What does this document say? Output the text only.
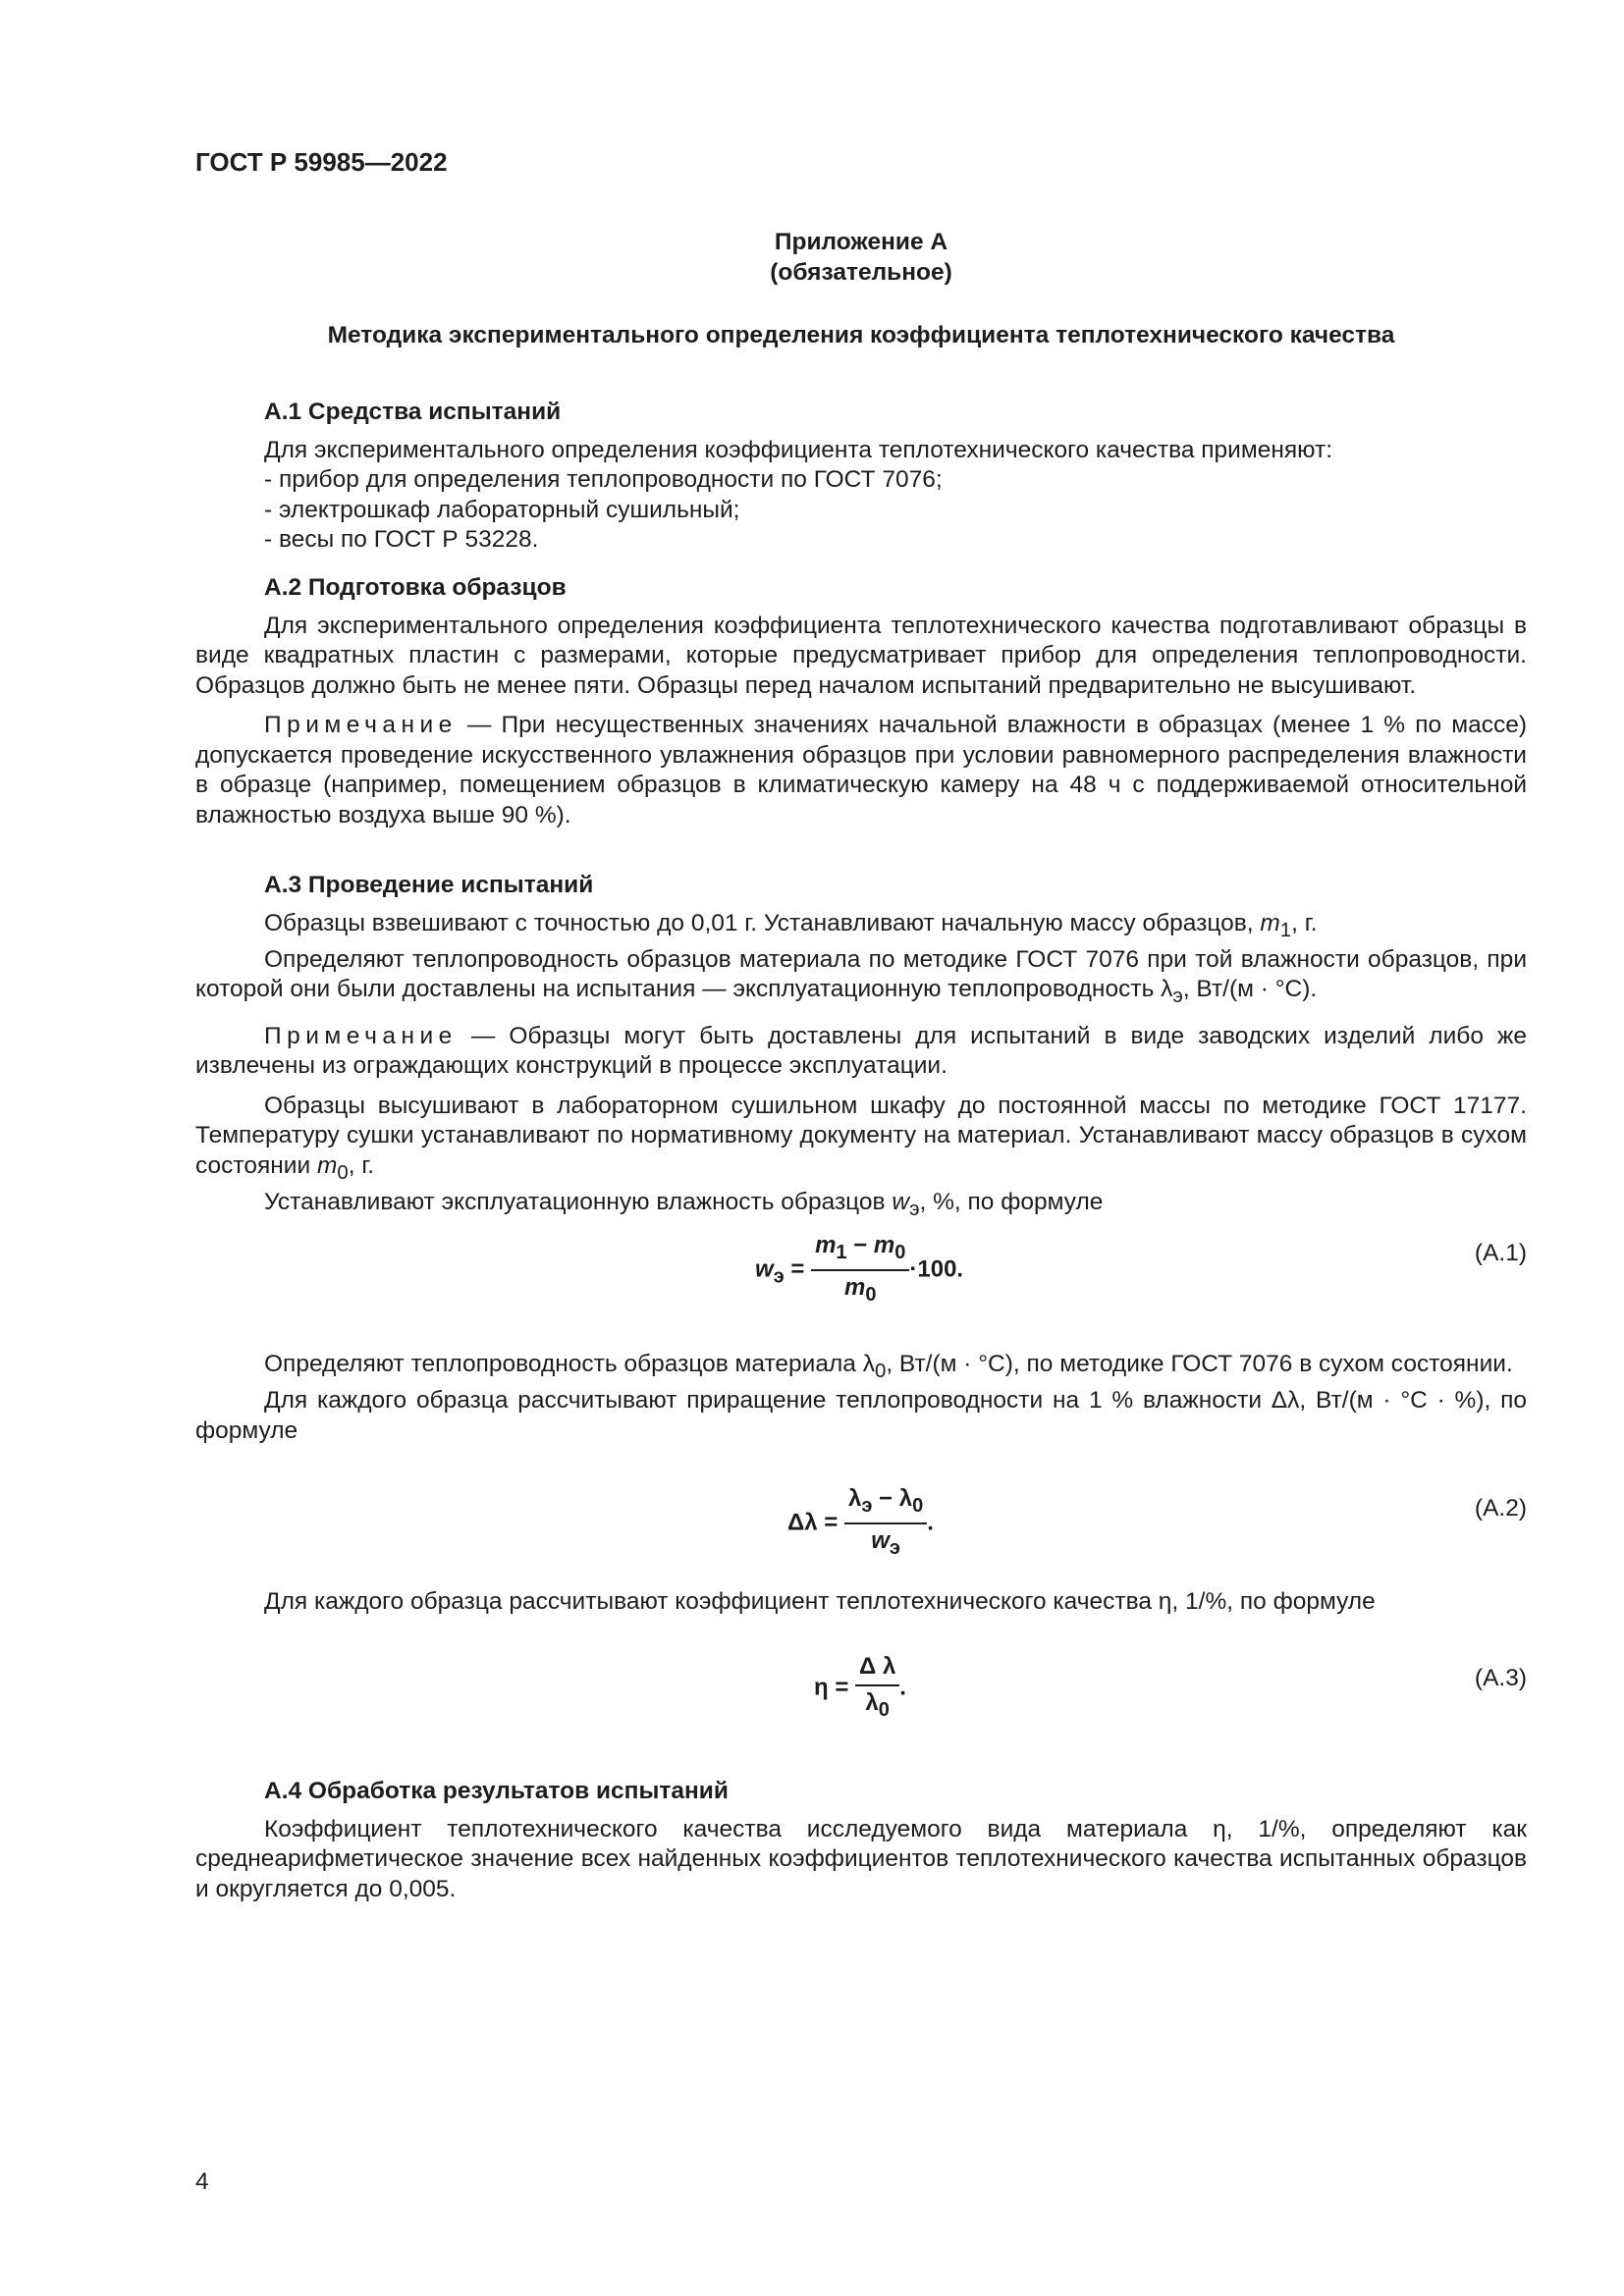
ГОСТ Р 59985—2022
Приложение А
(обязательное)
Методика экспериментального определения коэффициента теплотехнического качества

А.1 Средства испытаний

Для экспериментального определения коэффициента теплотехнического качества применяют:

- прибор для определения теплопроводности по ГОСТ 7076;

- электрошкаф лабораторный сушильный;

- весы по ГОСТ Р 53228.

А.2 Подготовка образцов

Для экспериментального определения коэффициента теплотехнического качества подготавливают образцы в виде квадратных пластин с размерами, которые предусматривает прибор для определения теплопроводности. Образцов должно быть не менее пяти. Образцы перед началом испытаний предварительно не высушивают.

Примечание — При несущественных значениях начальной влажности в образцах (менее 1 % по массе) допускается проведение искусственного увлажнения образцов при условии равномерного распределения влажности в образце (например, помещением образцов в климатическую камеру на 48 ч с поддерживаемой относительной влажностью воздуха выше 90 %).

А.3 Проведение испытаний

Образцы взвешивают с точностью до 0,01 г. Устанавливают начальную массу образцов, $m_1$, г.

Определяют теплопроводность образцов материала по методике ГОСТ 7076 при той влажности образцов, при которой они были доставлены на испытания — эксплуатационную теплопроводность $\lambda_э$, Вт/(м · °С).

Примечание — Образцы могут быть доставлены для испытаний в виде заводских изделий либо же извлечены из ограждающих конструкций в процессе эксплуатации.

Образцы высушивают в лабораторном сушильном шкафу до постоянной массы по методике ГОСТ 17177. Температуру сушки устанавливают по нормативному документу на материал. Устанавливают массу образцов в сухом состоянии $m_0$, г.

Устанавливают эксплуатационную влажность образцов $w_э$, %, по формуле

$w_э = \frac{m_1 - m_0}{m_0} \cdot 100$.
(А.1)

Определяют теплопроводность образцов материала $\lambda_0$, Вт/(м · °С), по методике ГОСТ 7076 в сухом состоянии.

Для каждого образца рассчитывают приращение теплопроводности на 1 % влажности Δλ, Вт/(м · °С · %), по формуле

$\Delta\lambda = \frac{\lambda_э - \lambda_0}{w_э}$ .
(А.2)

Для каждого образца рассчитывают коэффициент теплотехнического качества η, 1/%, по формуле

$\eta = \frac{\text{Δ λ}}{\lambda_0}$ .	(А.3)

А.4 Обработка результатов испытаний

Коэффициент теплотехнического качества исследуемого вида материала η, 1/%, определяют как среднеарифметическое значение всех найденных коэффициентов теплотехнического качества испытанных образцов и округляется до 0,005.

4
